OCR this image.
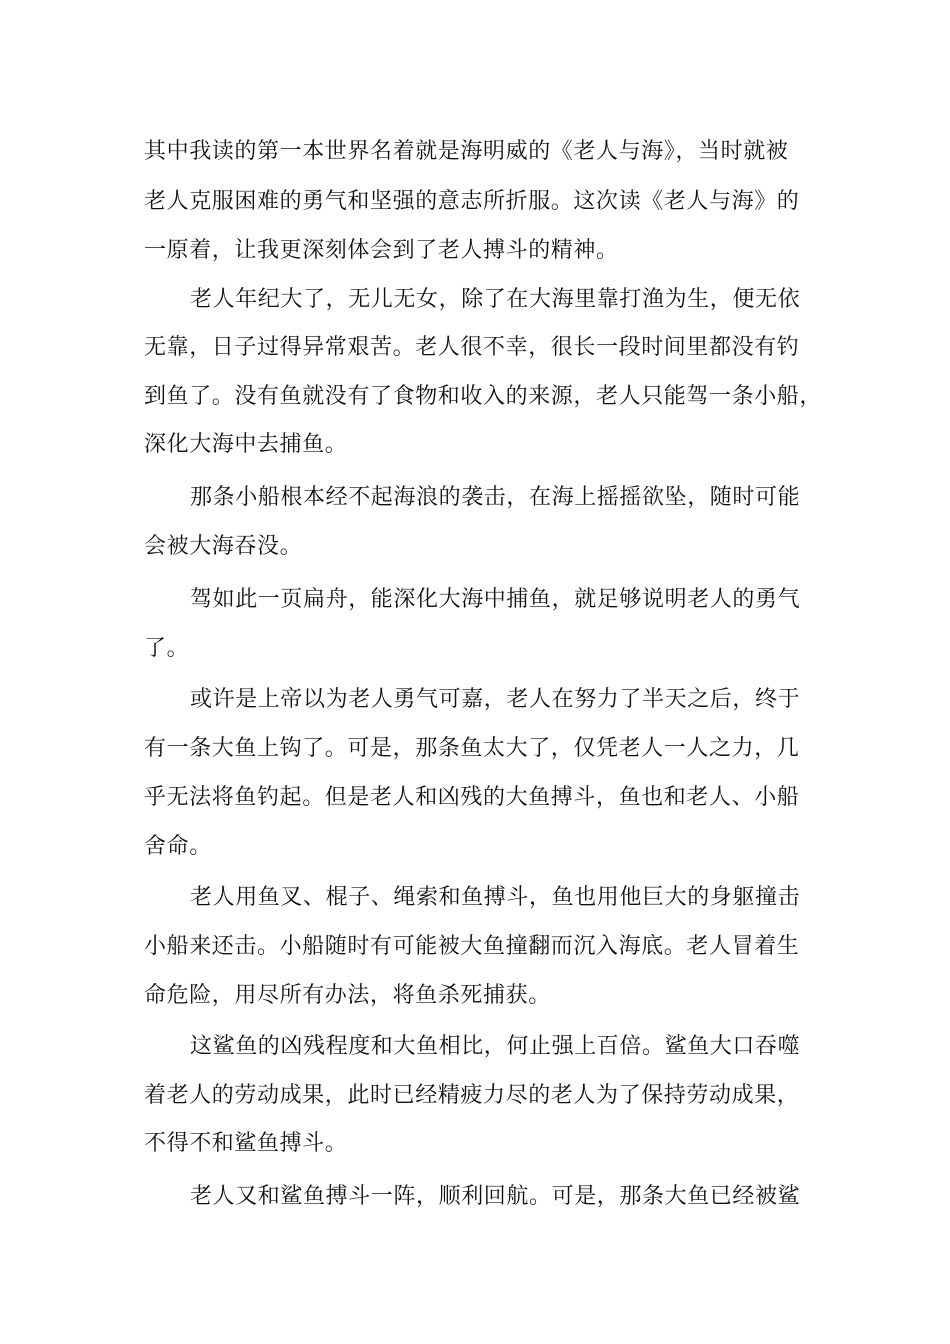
其中我读的第一本世界名着就是海明威的《老人与海》，当时就被
老人克服困难的勇气和坚强的意志所折服。这次读《老人与海》的
一原着，让我更深刻体会到了老人搏斗的精神。
老人年纪大了，无儿无女，除了在大海里靠打渔为生，便无依
无靠，日子过得异常艰苦。老人很不幸，很长一段时间里都没有钓
到鱼了。没有鱼就没有了食物和收入的来源，老人只能驾一条小船，
深化大海中去捕鱼。
那条小船根本经不起海浪的袭击，在海上摇摇欲坠，随时可能
会被大海吞没。
驾如此一页扁舟，能深化大海中捕鱼，就足够说明老人的勇气
了。
或许是上帝以为老人勇气可嘉，老人在努力了半天之后，终于
有一条大鱼上钩了。可是，那条鱼太大了，仅凭老人一人之力，几
乎无法将鱼钓起。但是老人和凶残的大鱼搏斗，鱼也和老人、小船
舍命。
老人用鱼叉、棍子、绳索和鱼搏斗，鱼也用他巨大的身躯撞击
小船来还击。小船随时有可能被大鱼撞翻而沉入海底。老人冒着生
命危险，用尽所有办法，将鱼杀死捕获。
这鲨鱼的凶残程度和大鱼相比，何止强上百倍。鲨鱼大口吞噬
着老人的劳动成果，此时已经精疲力尽的老人为了保持劳动成果，
不得不和鲨鱼搏斗。
老人又和鲨鱼搏斗一阵，顺利回航。可是，那条大鱼已经被鲨
